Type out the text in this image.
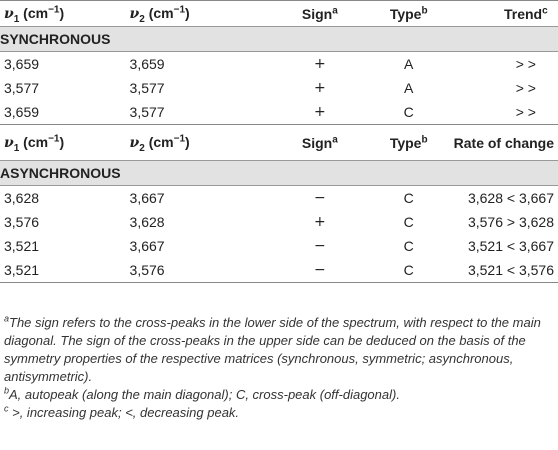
$\nu_1$ $(cm^{-1})$	$\nu_2$ $(cm^{-1})$	Sign$^a$	Type$^b$	Trend$^c$
SYNCHRONOUS				
3,659	3,659	+	A	> >
3,577	3,577	+	A	> >
3,659	3,577	+	C	> >
$\nu_1$ $(cm^{-1})$	$\nu_2$ $(cm^{-1})$	Sign$^a$	Type$^b$	Rate of change
ASYNCHRONOUS				
3,628	3,667	−	C	3,628 < 3,667
3,576	3,628	+	C	3,576 > 3,628
3,521	3,667	−	C	3,521 < 3,667
3,521	3,576	−	C	3,521 < 3,576

$^a$The sign refers to the cross-peaks in the lower side of the spectrum, with respect to the main diagonal. The sign of the cross-peaks in the upper side can be deduced on the basis of the symmetry properties of the respective matrices (synchronous, symmetric; asynchronous, antisymmetric).

$^b$A, autopeak (along the main diagonal); C, cross-peak (off-diagonal).

$^c$ >, increasing peak; <, decreasing peak.
